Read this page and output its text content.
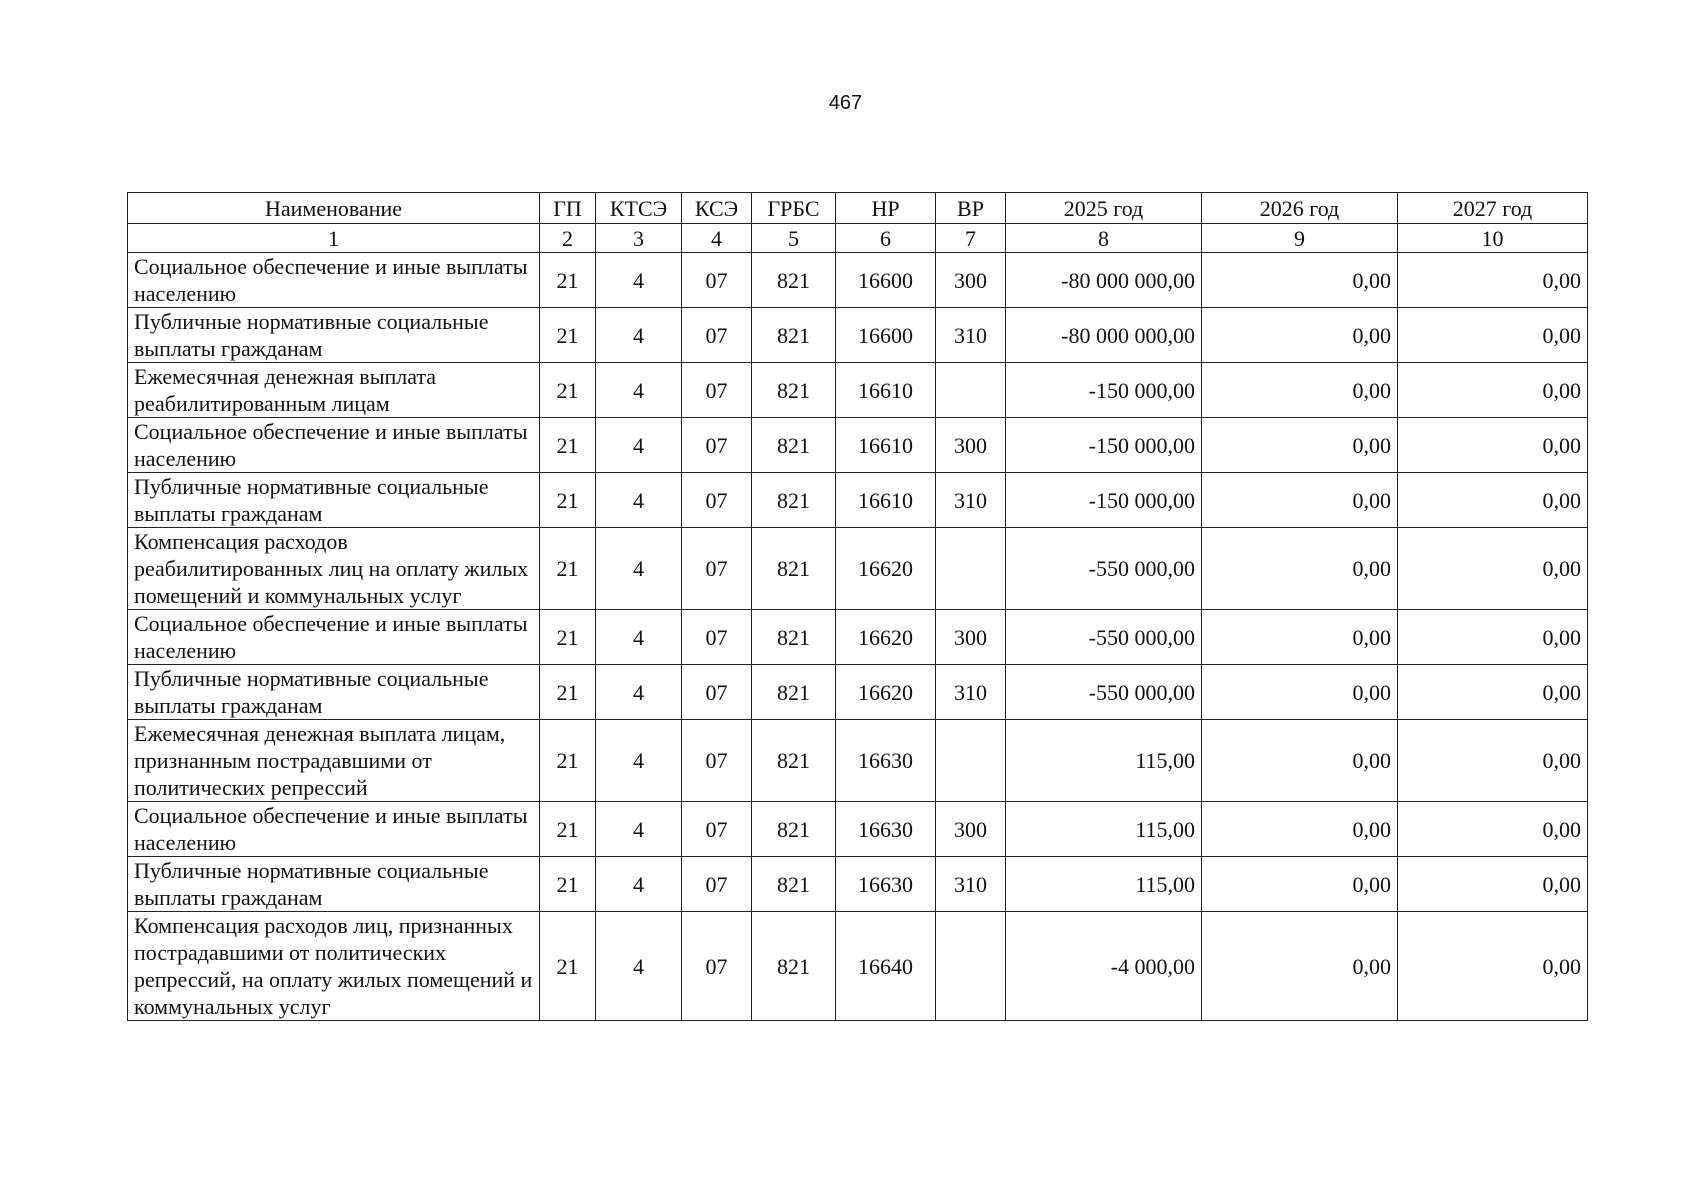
467
Наименование	ГП	КТСЭ	КСЭ	ГРБС	НР	ВР	2025 год	2026 год	2027 год
1	2	3	4	5	6	7	8	9	10
Социальное обеспечение и иные выплаты населению	21	4	07	821	16600	300	-80 000 000,00	0,00	0,00
Публичные нормативные социальные выплаты гражданам	21	4	07	821	16600	310	-80 000 000,00	0,00	0,00
Ежемесячная денежная выплата реабилитированным лицам	21	4	07	821	16610		-150 000,00	0,00	0,00
Социальное обеспечение и иные выплаты населению	21	4	07	821	16610	300	-150 000,00	0,00	0,00
Публичные нормативные социальные выплаты гражданам	21	4	07	821	16610	310	-150 000,00	0,00	0,00
Компенсация расходов реабилитированных лиц на оплату жилых помещений и коммунальных услуг	21	4	07	821	16620		-550 000,00	0,00	0,00
Социальное обеспечение и иные выплаты населению	21	4	07	821	16620	300	-550 000,00	0,00	0,00
Публичные нормативные социальные выплаты гражданам	21	4	07	821	16620	310	-550 000,00	0,00	0,00
Ежемесячная денежная выплата лицам, признанным пострадавшими от политических репрессий	21	4	07	821	16630		115,00	0,00	0,00
Социальное обеспечение и иные выплаты населению	21	4	07	821	16630	300	115,00	0,00	0,00
Публичные нормативные социальные выплаты гражданам	21	4	07	821	16630	310	115,00	0,00	0,00
Компенсация расходов лиц, признанных пострадавшими от политических репрессий, на оплату жилых помещений и коммунальных услуг	21	4	07	821	16640		-4 000,00	0,00	0,00
